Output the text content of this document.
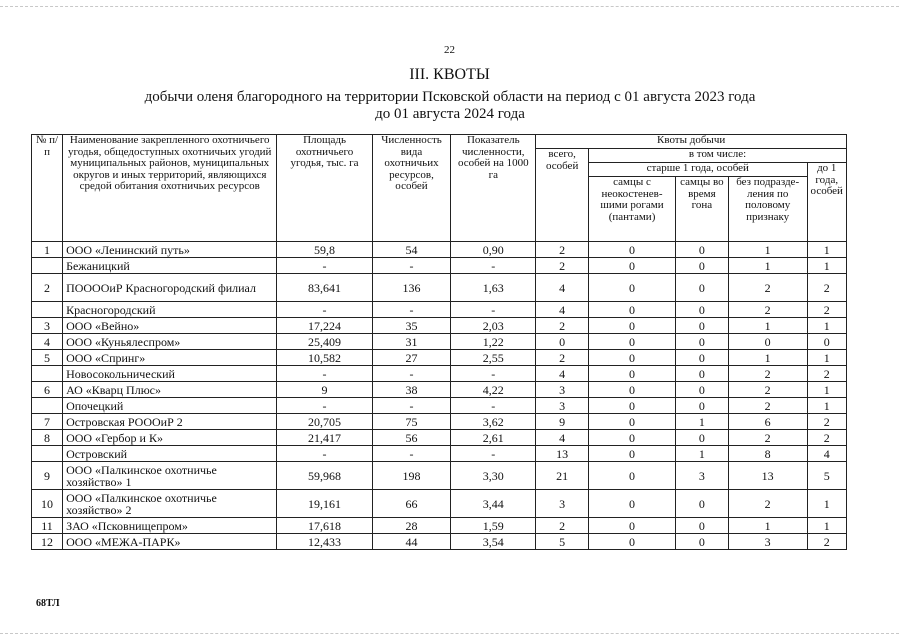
22
III. КВОТЫ
добычи оленя благородного на территории Псковской области на период с 01 августа 2023 года
до 01 августа 2024 года
№ п/п	Наименование закрепленного охотничьего угодья, общедоступных охотничьих угодий муниципальных районов, муниципальных округов и иных территорий, являющихся средой обитания охотничьих ресурсов	Площадь охотничьего угодья, тыс. га	Численность вида охотничьих ресурсов, особей	Показатель численности, особей на 1000 га	Квоты добычи				
					всего, особей	в том числе:			
						старше 1 года, особей			до 1 года, особей
						самцы с неокостенев-шими рогами (пантами)	самцы во время гона	без подразде-ления по половому признаку	
1	ООО «Ленинский путь»	59,8	54	0,90	2	0	0	1	1
	Бежаницкий	-	-	-	2	0	0	1	1
2	ПОООOиР Красногородский филиал	83,641	136	1,63	4	0	0	2	2
	Красногородский	-	-	-	4	0	0	2	2
3	ООО «Вейно»	17,224	35	2,03	2	0	0	1	1
4	ООО «Куньялеспром»	25,409	31	1,22	0	0	0	0	0
5	ООО «Спринг»	10,582	27	2,55	2	0	0	1	1
	Новосокольнический	-	-	-	4	0	0	2	2
6	АО «Кварц Плюс»	9	38	4,22	3	0	0	2	1
	Опочецкий	-	-	-	3	0	0	2	1
7	Островская РОООиР 2	20,705	75	3,62	9	0	1	6	2
8	ООО «Гербор и К»	21,417	56	2,61	4	0	0	2	2
	Островский	-	-	-	13	0	1	8	4
9	ООО «Палкинское охотничье хозяйство» 1	59,968	198	3,30	21	0	3	13	5
10	ООО «Палкинское охотничье хозяйство» 2	19,161	66	3,44	3	0	0	2	1
11	ЗАО «Псковнищепром»	17,618	28	1,59	2	0	0	1	1
12	ООО «МЕЖА-ПАРК»	12,433	44	3,54	5	0	0	3	2
68ТЛ
